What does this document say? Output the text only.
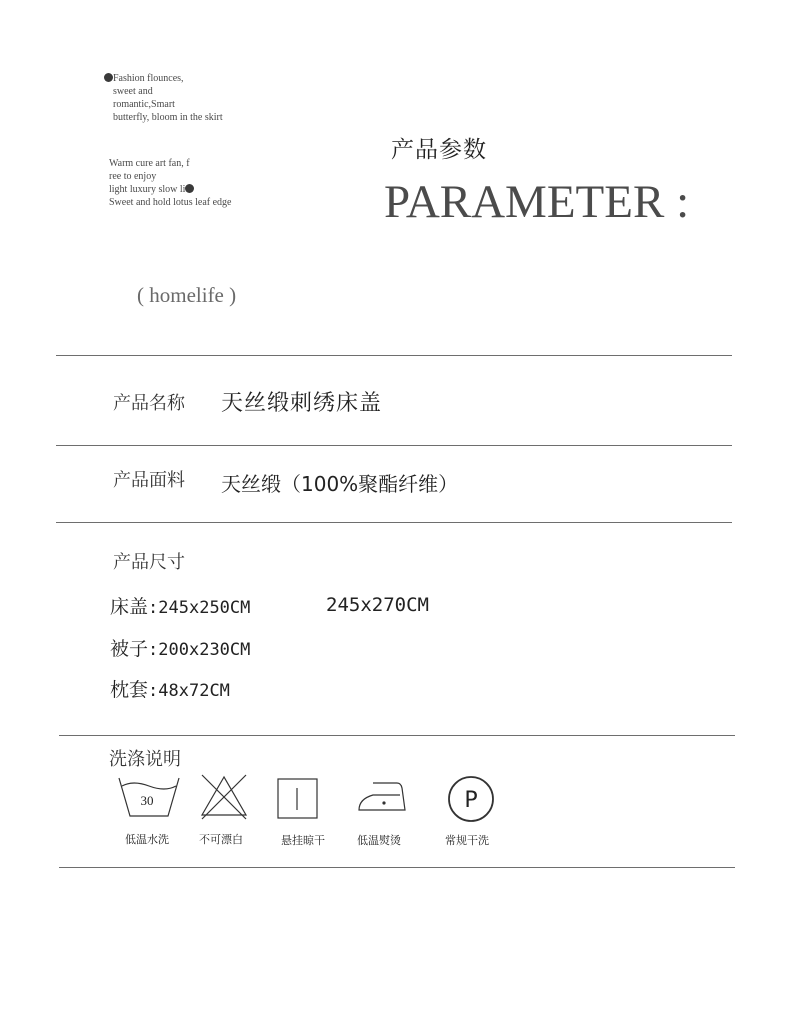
Fashion flounces,
sweet and
romantic,Smart
butterfly, bloom in the skirt
Warm cure art fan, f
ree to enjoy
light luxury slow li
Sweet and hold lotus leaf edge
产品参数
PARAMETER :
( homelife )
产品名称 天丝缎刺绣床盖
产品面料 天丝缎（100%聚酯纤维）
产品尺寸
床盖:245x250CM	245x270CM
被子:200x230CM
枕套:48x72CM
洗涤说明
30
低温水洗	不可漂白	悬挂晾干	低温熨烫
P
常规干洗
